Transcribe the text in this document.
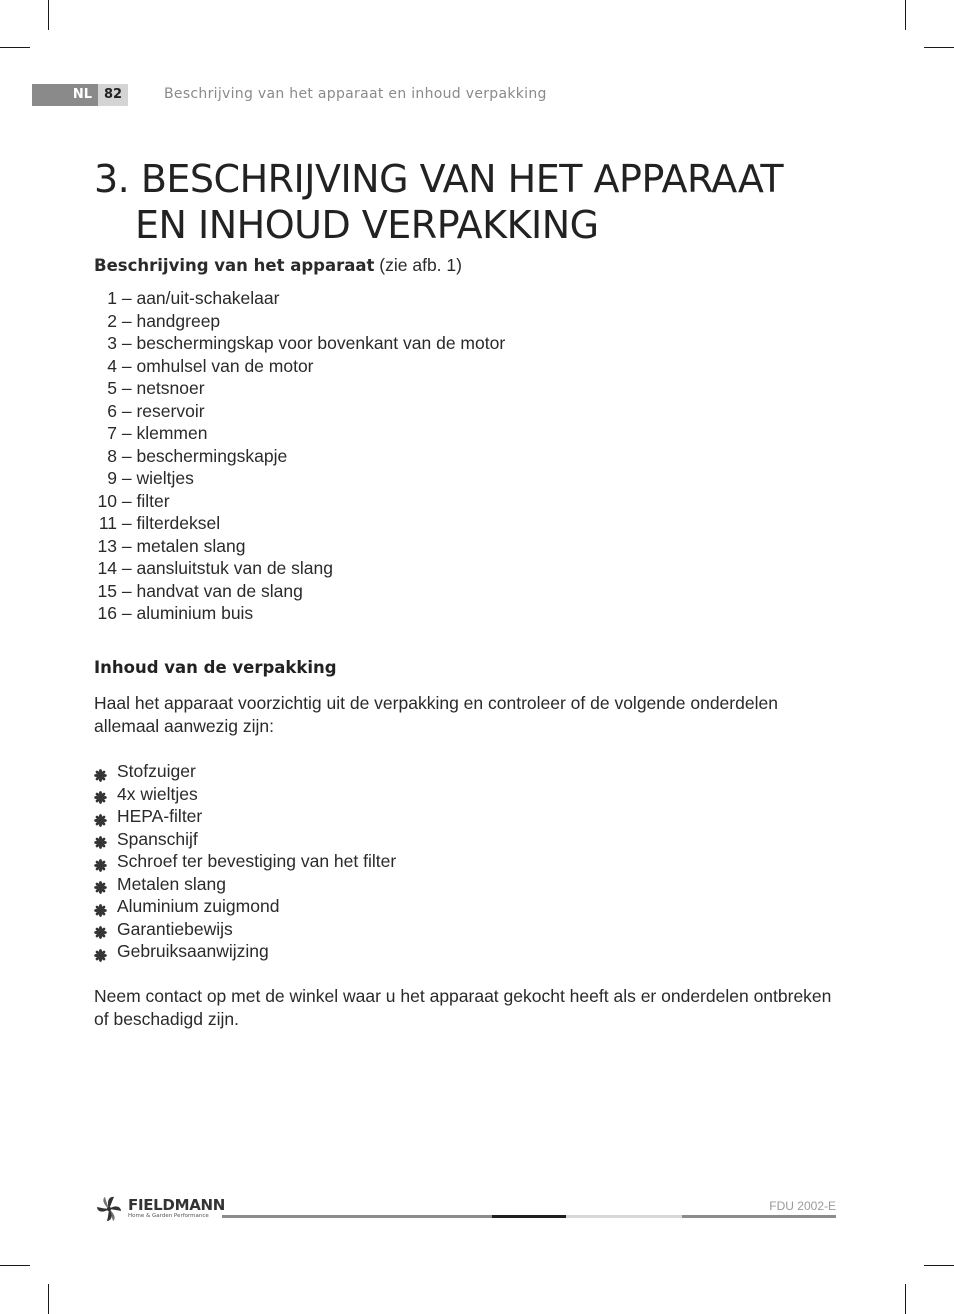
NL 82	Beschrijving van het apparaat en inhoud verpakking
3. BESCHRIJVING VAN HET APPARAAT
EN INHOUD VERPAKKING
Beschrijving van het apparaat (zie afb. 1)
1
– aan/uit-schakelaar
2
– handgreep
3
– beschermingskap voor bovenkant van de motor
4
– omhulsel van de motor
5
– netsnoer
6
– reservoir
7
– klemmen
8
– beschermingskapje
9
– wieltjes
10
– filter
11
– filterdeksel
13
– metalen slang
14
– aansluitstuk van de slang
15
– handvat van de slang
16
– aluminium buis
Inhoud van de verpakking

Haal het apparaat voorzichtig uit de verpakking en controleer of de volgende onderdelen allemaal aanwezig zijn:

Stofzuiger
4x wieltjes
HEPA-filter
Spanschijf
Schroef ter bevestiging van het filter
Metalen slang
Aluminium zuigmond
Garantiebewijs
Gebruiksaanwijzing

Neem contact op met de winkel waar u het apparaat gekocht heeft als er onderdelen ontbreken of beschadigd zijn.

FIELDMANN
Home & Garden Performance
FDU 2002-E
